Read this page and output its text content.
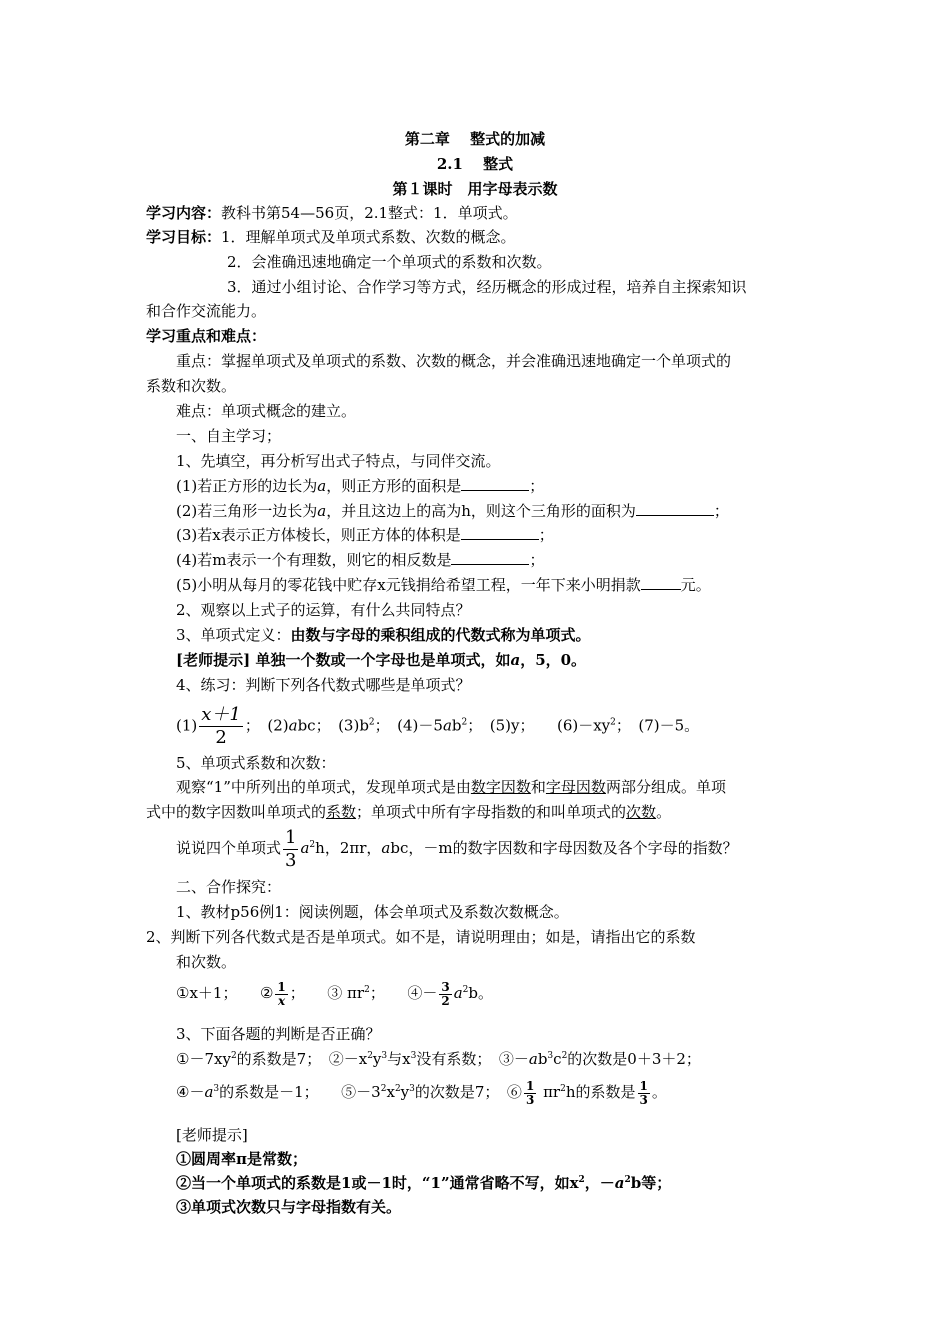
第二章　 整式的加减
2.1　 整式
第１课时　用字母表示数
学习内容：教科书第54—56页，2.1整式：1．单项式。
学习目标：1．理解单项式及单项式系数、次数的概念。
2．会准确迅速地确定一个单项式的系数和次数。
3．通过小组讨论、合作学习等方式，经历概念的形成过程，培养自主探索知识
和合作交流能力。
学习重点和难点：
重点：掌握单项式及单项式的系数、次数的概念，并会准确迅速地确定一个单项式的
系数和次数。
难点：单项式概念的建立。
一、自主学习；
1、先填空，再分析写出式子特点，与同伴交流。
(1)若正方形的边长为a，则正方形的面积是	；
(2)若三角形一边长为a，并且这边上的高为h，则这个三角形的面积为	；
(3)若x表示正方体棱长，则正方体的体积是	；
(4)若m表示一个有理数，则它的相反数是	；
(5)小明从每月的零花钱中贮存x元钱捐给希望工程，一年下来小明捐款	元。
2、观察以上式子的运算，有什么共同特点？
3、单项式定义：由数与字母的乘积组成的代数式称为单项式。
[老师提示] 单独一个数或一个字母也是单项式，如a，5，0。
4、练习：判断下列各代数式哪些是单项式？
$(1) \frac{x+1}{2}$ ；　(2)abc；　$(3)b^2$；　$(4)-5ab^2$；　(5)y；　　$(6)-xy^2$；　(7)－5。
5、单项式系数和次数：
观察“1”中所列出的单项式，发现单项式是由数字因数和字母因数两部分组成。单项
式中的数字因数叫单项式的系数；单项式中所有字母指数的和叫单项式的次数。
说说四个单项式 $\frac{1}{3} a^2h$，2πr，abc，－m的数字因数和字母因数及各个字母的指数？
二、合作探究：
1、教材p56例1：阅读例题，体会单项式及系数次数概念。
2、判断下列各代数式是否是单项式。如不是，请说明理由；如是，请指出它的系数
和次数。
①x＋1；　　② $\frac{1}{x}$ ；　　③ $\pi r^2$；　　④－ $\frac{3}{2} a^2b$。
3、下面各题的判断是否正确？
$①-7xy^2$的系数是7；　$②-x^2y^3$与$x^3$没有系数；　$③-ab^3c^2$的次数是0＋3＋2；
$④-a^3$的系数是－1；　　$⑤-3^2x^2y^3$的次数是7；　⑥ $\frac{1}{3} \pi r^2h$的系数是 $\frac{1}{3}$ 。
[老师提示]
①圆周率π是常数；
②当一个单项式的系数是1或－1时，“1”通常省略不写，如$x^2$，$-a^2b$等；
③单项式次数只与字母指数有关。
